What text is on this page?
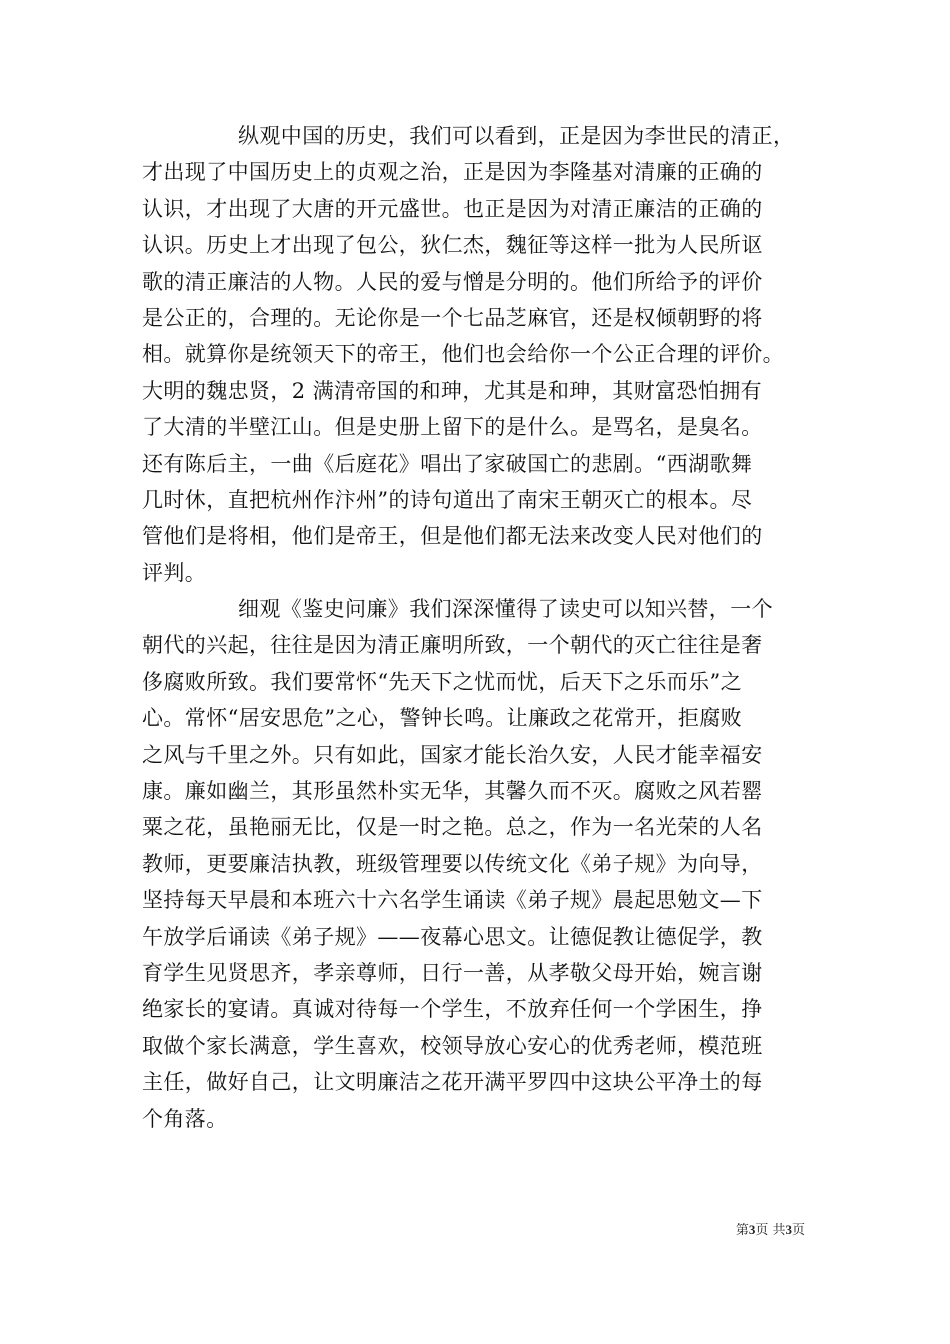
纵观中国的历史，我们可以看到，正是因为李世民的清正，
才出现了中国历史上的贞观之治，正是因为李隆基对清廉的正确的
认识，才出现了大唐的开元盛世。也正是因为对清正廉洁的正确的
认识。历史上才出现了包公，狄仁杰，魏征等这样一批为人民所讴
歌的清正廉洁的人物。人民的爱与憎是分明的。他们所给予的评价
是公正的，合理的。无论你是一个七品芝麻官，还是权倾朝野的将
相。就算你是统领天下的帝王，他们也会给你一个公正合理的评价。
大明的魏忠贤，2 满清帝国的和珅，尤其是和珅，其财富恐怕拥有
了大清的半壁江山。但是史册上留下的是什么。是骂名，是臭名。
还有陈后主，一曲《后庭花》唱出了家破国亡的悲剧。“西湖歌舞
几时休，直把杭州作汴州”的诗句道出了南宋王朝灭亡的根本。尽
管他们是将相，他们是帝王，但是他们都无法来改变人民对他们的
评判。
细观《鉴史问廉》我们深深懂得了读史可以知兴替，一个
朝代的兴起，往往是因为清正廉明所致，一个朝代的灭亡往往是奢
侈腐败所致。我们要常怀“先天下之忧而忧，后天下之乐而乐”之
心。常怀“居安思危”之心，警钟长鸣。让廉政之花常开，拒腐败
之风与千里之外。只有如此，国家才能长治久安，人民才能幸福安
康。廉如幽兰，其形虽然朴实无华，其馨久而不灭。腐败之风若罂
粟之花，虽艳丽无比，仅是一时之艳。总之，作为一名光荣的人名
教师，更要廉洁执教，班级管理要以传统文化《弟子规》为向导，
坚持每天早晨和本班六十六名学生诵读《弟子规》晨起思勉文—下
午放学后诵读《弟子规》——夜幕心思文。让德促教让德促学，教
育学生见贤思齐，孝亲尊师，日行一善，从孝敬父母开始，婉言谢
绝家长的宴请。真诚对待每一个学生，不放弃任何一个学困生，挣
取做个家长满意，学生喜欢，校领导放心安心的优秀老师，模范班
主任，做好自己，让文明廉洁之花开满平罗四中这块公平净土的每
个角落。
第3页 共3页
